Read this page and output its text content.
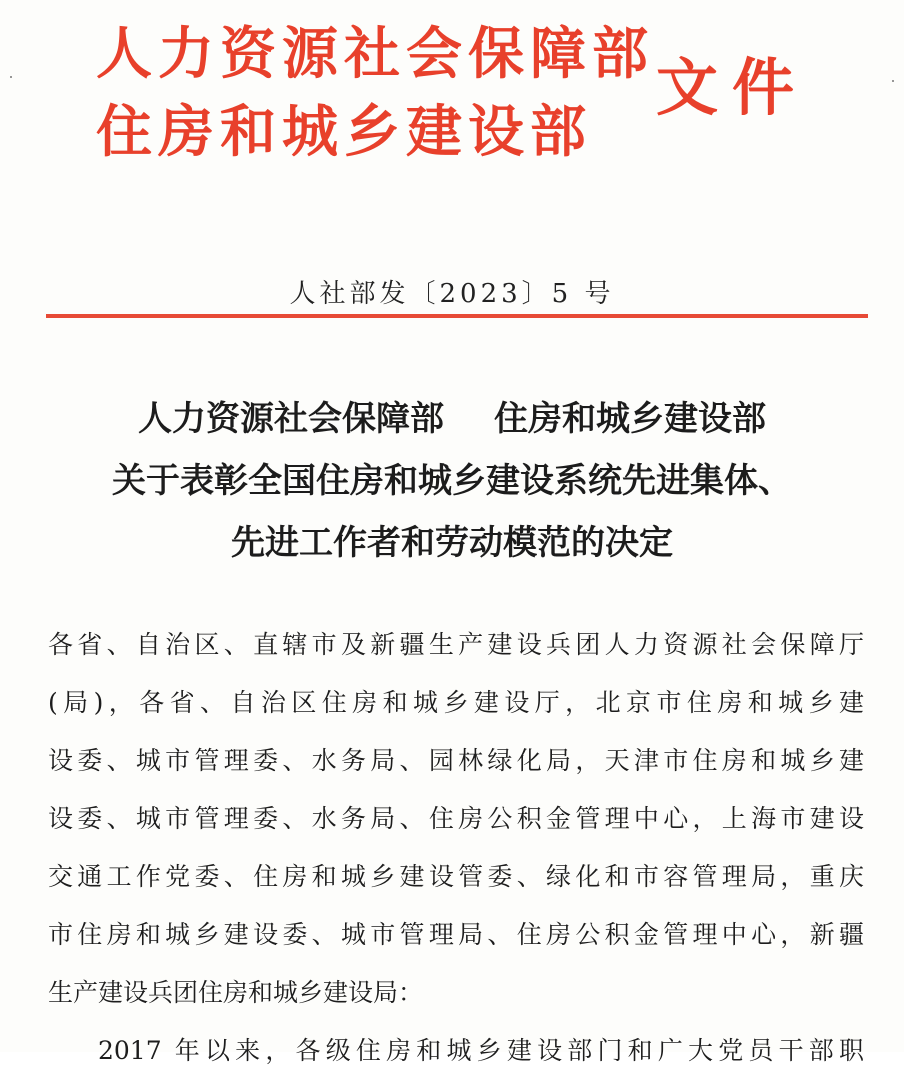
人力资源社会保障部
住房和城乡建设部
文件
人社部发〔2023〕5 号
人力资源社会保障部 住房和城乡建设部
关于表彰全国住房和城乡建设系统先进集体、
先进工作者和劳动模范的决定
各省、自治区、直辖市及新疆生产建设兵团人力资源社会保障厅
(局)，各省、自治区住房和城乡建设厅，北京市住房和城乡建
设委、城市管理委、水务局、园林绿化局，天津市住房和城乡建
设委、城市管理委、水务局、住房公积金管理中心，上海市建设
交通工作党委、住房和城乡建设管委、绿化和市容管理局，重庆
市住房和城乡建设委、城市管理局、住房公积金管理中心，新疆
生产建设兵团住房和城乡建设局：
2017 年以来，各级住房和城乡建设部门和广大党员干部职
